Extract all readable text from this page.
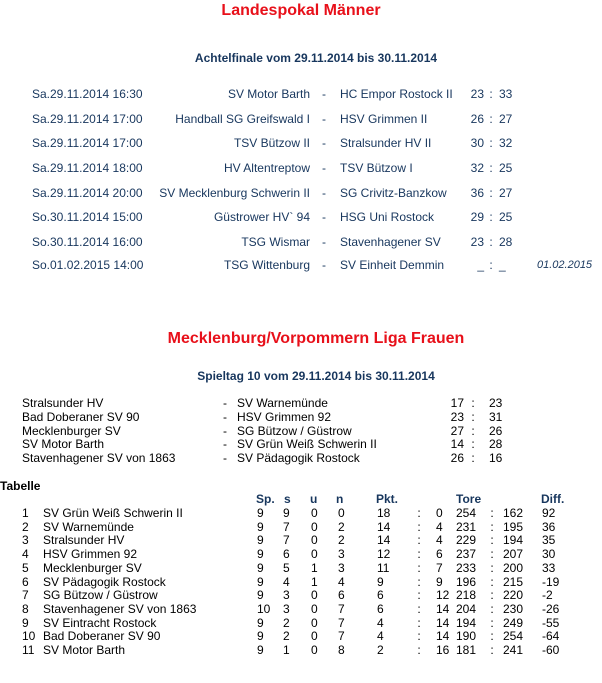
Landespokal Männer
Achtelfinale vom 29.11.2014 bis 30.11.2014
Sa.29.11.2014 16:30	SV Motor Barth	-	HC Empor Rostock II	23 : 33
Sa.29.11.2014 17:00	Handball SG Greifswald I	-	HSV Grimmen II	26 : 27
Sa.29.11.2014 17:00	TSV Bützow II	-	Stralsunder HV II	30 : 32
Sa.29.11.2014 18:00	HV Altentreptow	-	TSV Bützow I	32 : 25
Sa.29.11.2014 20:00	SV Mecklenburg Schwerin II	-	SG Crivitz-Banzkow	36 : 27
So.30.11.2014 15:00	Güstrower HV` 94	-	HSG Uni Rostock	29 : 25
So.30.11.2014 16:00	TSG Wismar	-	Stavenhagener SV	23 : 28
So.01.02.2015 14:00	TSG Wittenburg	-	SV Einheit Demmin	_ : _	01.02.2015
Mecklenburg/Vorpommern Liga Frauen
Spieltag 10 vom 29.11.2014 bis 30.11.2014
Stralsunder HV	- SV Warnemünde	17 : 23
Bad Doberaner SV 90	- HSV Grimmen 92	23 : 31
Mecklenburger SV	- SG Bützow / Güstrow	27 : 26
SV Motor Barth	- SV Grün Weiß Schwerin II	14 : 28
Stavenhagener SV von 1863	- SV Pädagogik Rostock	26 : 16
Tabelle
Sp. s u n	Pkt.	Tore	Diff.
1 SV Grün Weiß Schwerin II	9 9 0 0	18 : 0 254 : 162 92
2 SV Warnemünde	9 7 0 2	14 : 4 231 : 195 36
3 Stralsunder HV	9 7 0 2	14 : 4 229 : 194 35
4 HSV Grimmen 92	9 6 0 3	12 : 6 237 : 207 30
5 Mecklenburger SV	9 5 1 3	11 : 7 233 : 200 33
6 SV Pädagogik Rostock	9 4 1 4	9	: 9 196 : 215 -19
7 SG Bützow / Güstrow	9 3 0 6	6	: 12 218 : 220 -2
8 Stavenhagener SV von 1863	10 3 0 7	6	: 14 204 : 230 -26
9 SV Eintracht Rostock	9 2 0 7	4	: 14 194 : 249 -55
10 Bad Doberaner SV 90	9 2 0 7	4	: 14 190 : 254 -64
11 SV Motor Barth	9 1 0 8	2	: 16 181 : 241 -60
